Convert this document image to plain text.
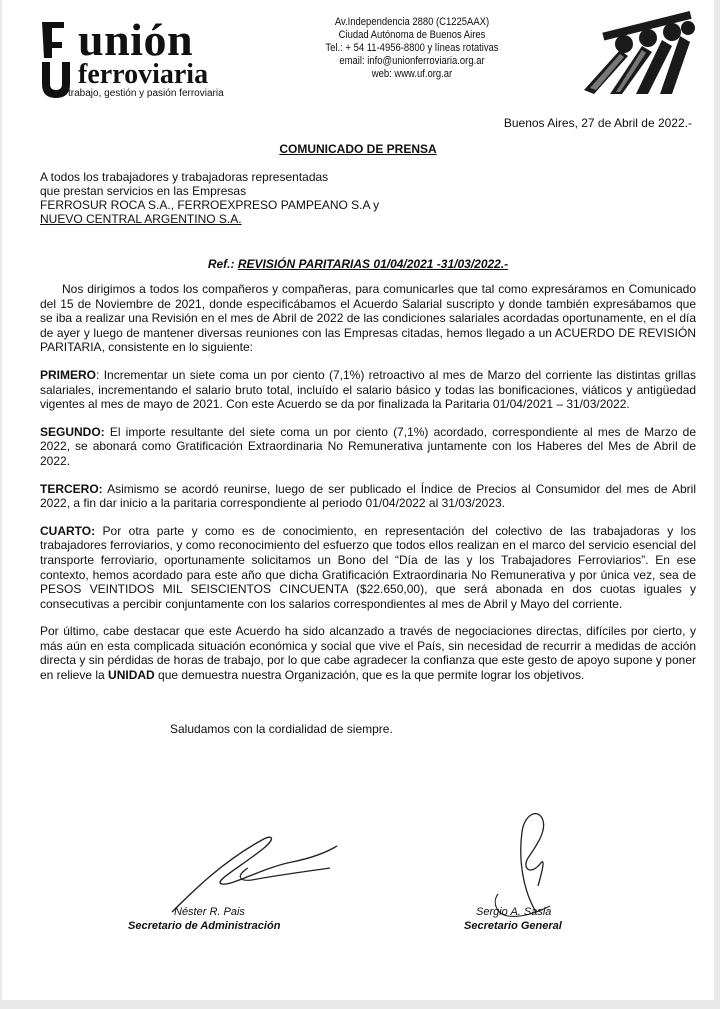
unión
ferroviaria
trabajo, gestión y pasión ferroviaria
Av.Independencia 2880 (C1225AAX)
Ciudad Autónoma de Buenos Aires
Tel.: + 54 11-4956-8800 y líneas rotativas
email: info@unionferroviaria.org.ar
web: www.uf.org.ar
Buenos Aires, 27 de Abril de 2022.-
COMUNICADO DE PRENSA
A todos los trabajadores y trabajadoras representadas
que prestan servicios en las Empresas
FERROSUR ROCA S.A., FERROEXPRESO PAMPEANO S.A y
NUEVO CENTRAL ARGENTINO S.A.
Ref.: REVISIÓN PARITARIAS 01/04/2021 -31/03/2022.-

Nos dirigimos a todos los compañeros y compañeras, para comunicarles que tal como expresáramos en Comunicado del 15 de Noviembre de 2021, donde especificábamos el Acuerdo Salarial suscripto y donde también expresábamos que se iba a realizar una Revisión en el mes de Abril de 2022 de las condiciones salariales acordadas oportunamente, en el día de ayer y luego de mantener diversas reuniones con las Empresas citadas, hemos llegado a un ACUERDO DE REVISIÓN PARITARIA, consistente en lo siguiente:

PRIMERO: Incrementar un siete coma un por ciento (7,1%) retroactivo al mes de Marzo del corriente las distintas grillas salariales, incrementando el salario bruto total, incluído el salario básico y todas las bonificaciones, viáticos y antigüedad vigentes al mes de mayo de 2021. Con este Acuerdo se da por finalizada la Paritaria 01/04/2021 – 31/03/2022.

SEGUNDO: El importe resultante del siete coma un por ciento (7,1%) acordado, correspondiente al mes de Marzo de 2022, se abonará como Gratificación Extraordinaria No Remunerativa juntamente con los Haberes del Mes de Abril de 2022.

TERCERO: Asimismo se acordó reunirse, luego de ser publicado el Índice de Precios al Consumidor del mes de Abril 2022, a fin dar inicio a la paritaria correspondiente al periodo 01/04/2022 al 31/03/2023.

CUARTO: Por otra parte y como es de conocimiento, en representación del colectivo de las trabajadoras y los trabajadores ferroviarios, y como reconocimiento del esfuerzo que todos ellos realizan en el marco del servicio esencial del transporte ferroviario, oportunamente solicitamos un Bono del “Día de las y los Trabajadores Ferroviarios”. En ese contexto, hemos acordado para este año que dicha Gratificación Extraordinaria No Remunerativa y por única vez, sea de PESOS VEINTIDOS MIL SEISCIENTOS CINCUENTA ($22.650,00), que será abonada en dos cuotas iguales y consecutivas a percibir conjuntamente con los salarios correspondientes al mes de Abril y Mayo del corriente.

Por último, cabe destacar que este Acuerdo ha sido alcanzado a través de negociaciones directas, difíciles por cierto, y más aún en esta complicada situación económica y social que vive el País, sin necesidad de recurrir a medidas de acción directa y sin pérdidas de horas de trabajo, por lo que cabe agradecer la confianza que este gesto de apoyo supone y poner en relieve la UNIDAD que demuestra nuestra Organización, que es la que permite lograr los objetivos.

Saludamos con la cordialidad de siempre.
Néster R. Pais
Secretario de Administración
Sergio A. Sasia
Secretario General
